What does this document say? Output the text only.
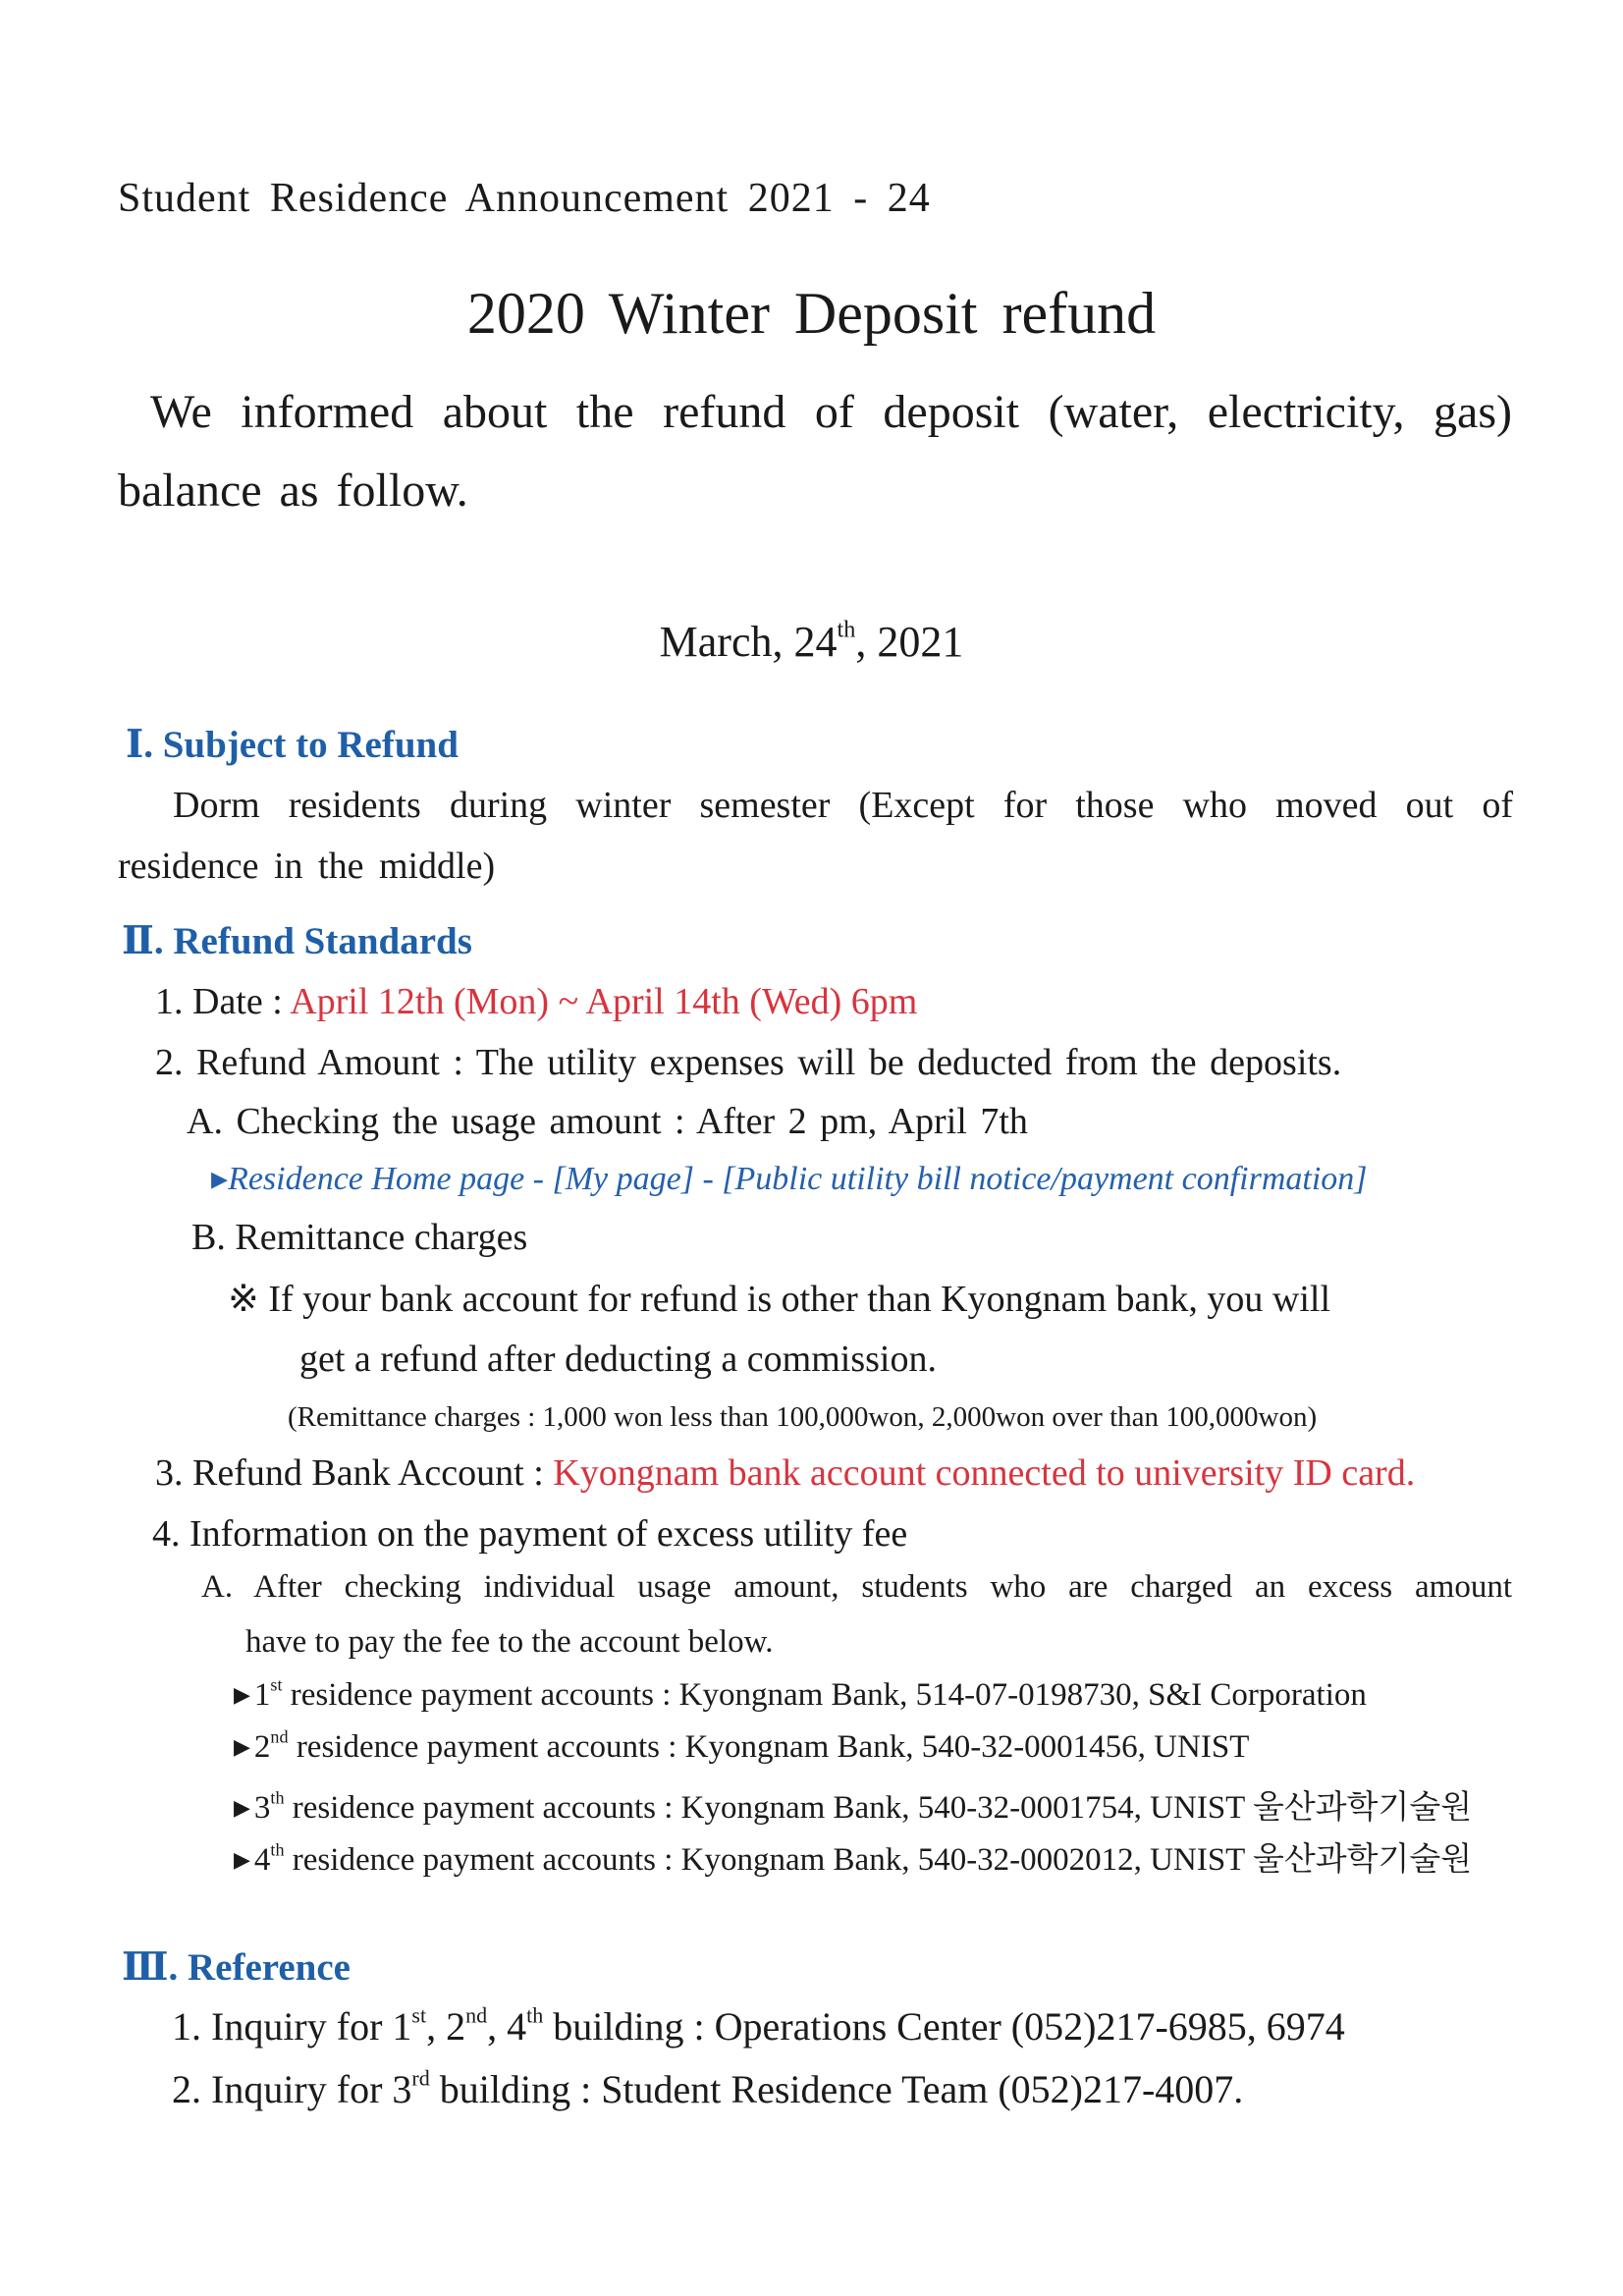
Student Residence Announcement 2021 - 24
2020 Winter Deposit refund
We informed about the refund of deposit (water, electricity, gas) balance as follow.
March, 24th, 2021
Ⅰ. Subject to Refund
Dorm residents during winter semester (Except for those who moved out of
residence in the middle)
Ⅱ. Refund Standards
1. Date : April 12th (Mon) ~ April 14th (Wed) 6pm
2. Refund Amount : The utility expenses will be deducted from the deposits.
A. Checking the usage amount : After 2 pm, April 7th
▸Residence Home page - [My page] - [Public utility bill notice/payment confirmation]
B. Remittance charges
※ If your bank account for refund is other than Kyongnam bank, you will
get a refund after deducting a commission.
(Remittance charges : 1,000 won less than 100,000won, 2,000won over than 100,000won)
3. Refund Bank Account : Kyongnam bank account connected to university ID card.
4. Information on the payment of excess utility fee
A. After checking individual usage amount, students who are charged an excess amount
have to pay the fee to the account below.
▶ 1st residence payment accounts : Kyongnam Bank, 514-07-0198730, S&I Corporation
▶ 2nd residence payment accounts : Kyongnam Bank, 540-32-0001456, UNIST
▶ 3th residence payment accounts : Kyongnam Bank, 540-32-0001754, UNIST 울산과학기술원
▶ 4th residence payment accounts : Kyongnam Bank, 540-32-0002012, UNIST 울산과학기술원
Ⅲ. Reference
1. Inquiry for 1st, 2nd, 4th building : Operations Center (052)217-6985, 6974
2. Inquiry for 3rd building : Student Residence Team (052)217-4007.
